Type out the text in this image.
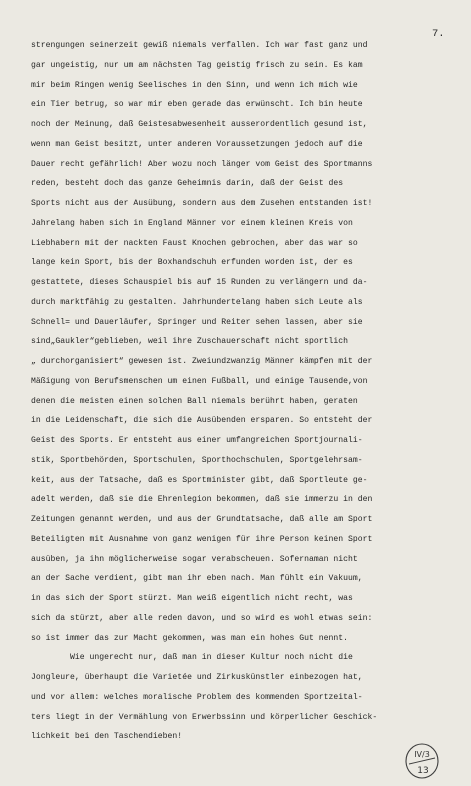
7.

strengungen seinerzeit gewiß niemals verfallen. Ich war fast ganz und

gar ungeistig, nur um am nächsten Tag geistig frisch zu sein. Es kam

mir beim Ringen wenig Seelisches in den Sinn, und wenn ich mich wie

ein Tier betrug, so war mir eben gerade das erwünscht. Ich bin heute

noch der Meinung, daß Geistesabwesenheit ausserordentlich gesund ist,

wenn man Geist besitzt, unter anderen Voraussetzungen jedoch auf die

Dauer recht gefährlich! Aber wozu noch länger vom Geist des Sportmanns

reden, besteht doch das ganze Geheimnis darin, daß der Geist des

Sports nicht aus der Ausübung, sondern aus dem Zusehen entstanden ist!

Jahrelang haben sich in England Männer vor einem kleinen Kreis von

Liebhabern mit der nackten Faust Knochen gebrochen, aber das war so

lange kein Sport, bis der Boxhandschuh erfunden worden ist, der es

gestattete, dieses Schauspiel bis auf 15 Runden zu verlängern und da-

durch marktfähig zu gestalten. Jahrhundertelang haben sich Leute als

Schnell= und Dauerläufer, Springer und Reiter sehen lassen, aber sie

sind„Gaukler“geblieben, weil ihre Zuschauerschaft nicht sportlich

„ durchorganisiert“ gewesen ist. Zweiundzwanzig Männer kämpfen mit der

Mäßigung von Berufsmenschen um einen Fußball, und einige Tausende,von

denen die meisten einen solchen Ball niemals berührt haben, geraten

in die Leidenschaft, die sich die Ausübenden ersparen. So entsteht der

Geist des Sports. Er entsteht aus einer umfangreichen Sportjournali-

stik, Sportbehörden, Sportschulen, Sporthochschulen, Sportgelehrsam-

keit, aus der Tatsache, daß es Sportminister gibt, daß Sportleute ge-

adelt werden, daß sie die Ehrenlegion bekommen, daß sie immerzu in den

Zeitungen genannt werden, und aus der Grundtatsache, daß alle am Sport

Beteiligten mit Ausnahme von ganz wenigen für ihre Person keinen Sport

ausüben, ja ihn möglicherweise sogar verabscheuen. Sofernaman nicht

an der Sache verdient, gibt man ihr eben nach. Man fühlt ein Vakuum,

in das sich der Sport stürzt. Man weiß eigentlich nicht recht, was

sich da stürzt, aber alle reden davon, und so wird es wohl etwas sein:

so ist immer das zur Macht gekommen, was man ein hohes Gut nennt.

Wie ungerecht nur, daß man in dieser Kultur noch nicht die

Jongleure, überhaupt die Varietée und Zirkuskünstler einbezogen hat,

und vor allem: welches moralische Problem des kommenden Sportzeital-

ters liegt in der Vermählung von Erwerbssinn und körperlicher Geschick-

lichkeit bei den Taschendieben!

IV/3
13
